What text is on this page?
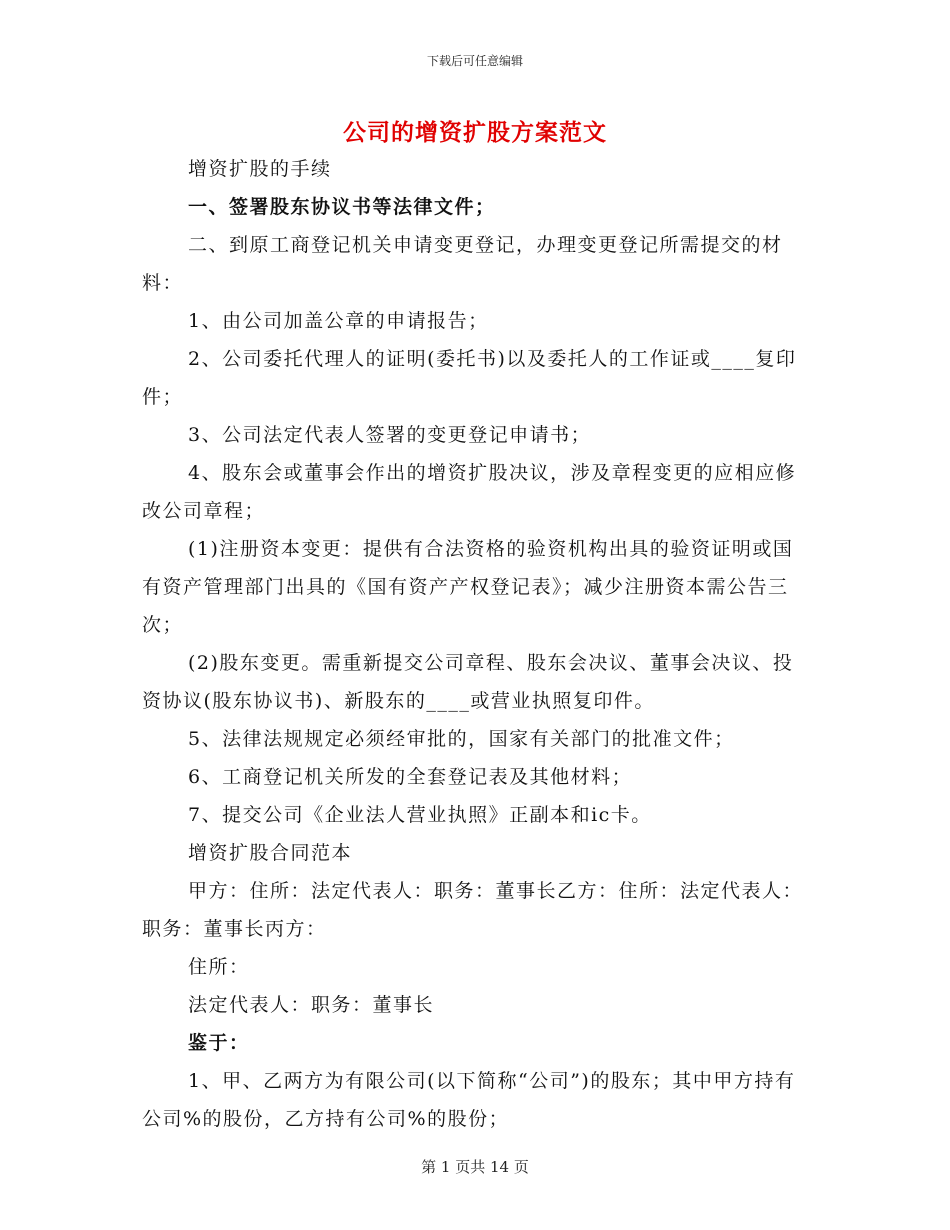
下载后可任意编辑
公司的增资扩股方案范文

增资扩股的手续

一、签署股东协议书等法律文件；

二、到原工商登记机关申请变更登记，办理变更登记所需提交的材料：

1、由公司加盖公章的申请报告；

2、公司委托代理人的证明(委托书)以及委托人的工作证或____复印件；

3、公司法定代表人签署的变更登记申请书；

4、股东会或董事会作出的增资扩股决议，涉及章程变更的应相应修改公司章程；

(1)注册资本变更：提供有合法资格的验资机构出具的验资证明或国有资产管理部门出具的《国有资产产权登记表》；减少注册资本需公告三次；

(2)股东变更。需重新提交公司章程、股东会决议、董事会决议、投资协议(股东协议书)、新股东的____或营业执照复印件。

5、法律法规规定必须经审批的，国家有关部门的批准文件；

6、工商登记机关所发的全套登记表及其他材料；

7、提交公司《企业法人营业执照》正副本和ic卡。

增资扩股合同范本

甲方：住所：法定代表人：职务：董事长乙方：住所：法定代表人：职务：董事长丙方：

住所：

法定代表人：职务：董事长

鉴于：

1、甲、乙两方为有限公司(以下简称“公司”)的股东；其中甲方持有公司%的股份，乙方持有公司%的股份；

第 1 页共 14 页
